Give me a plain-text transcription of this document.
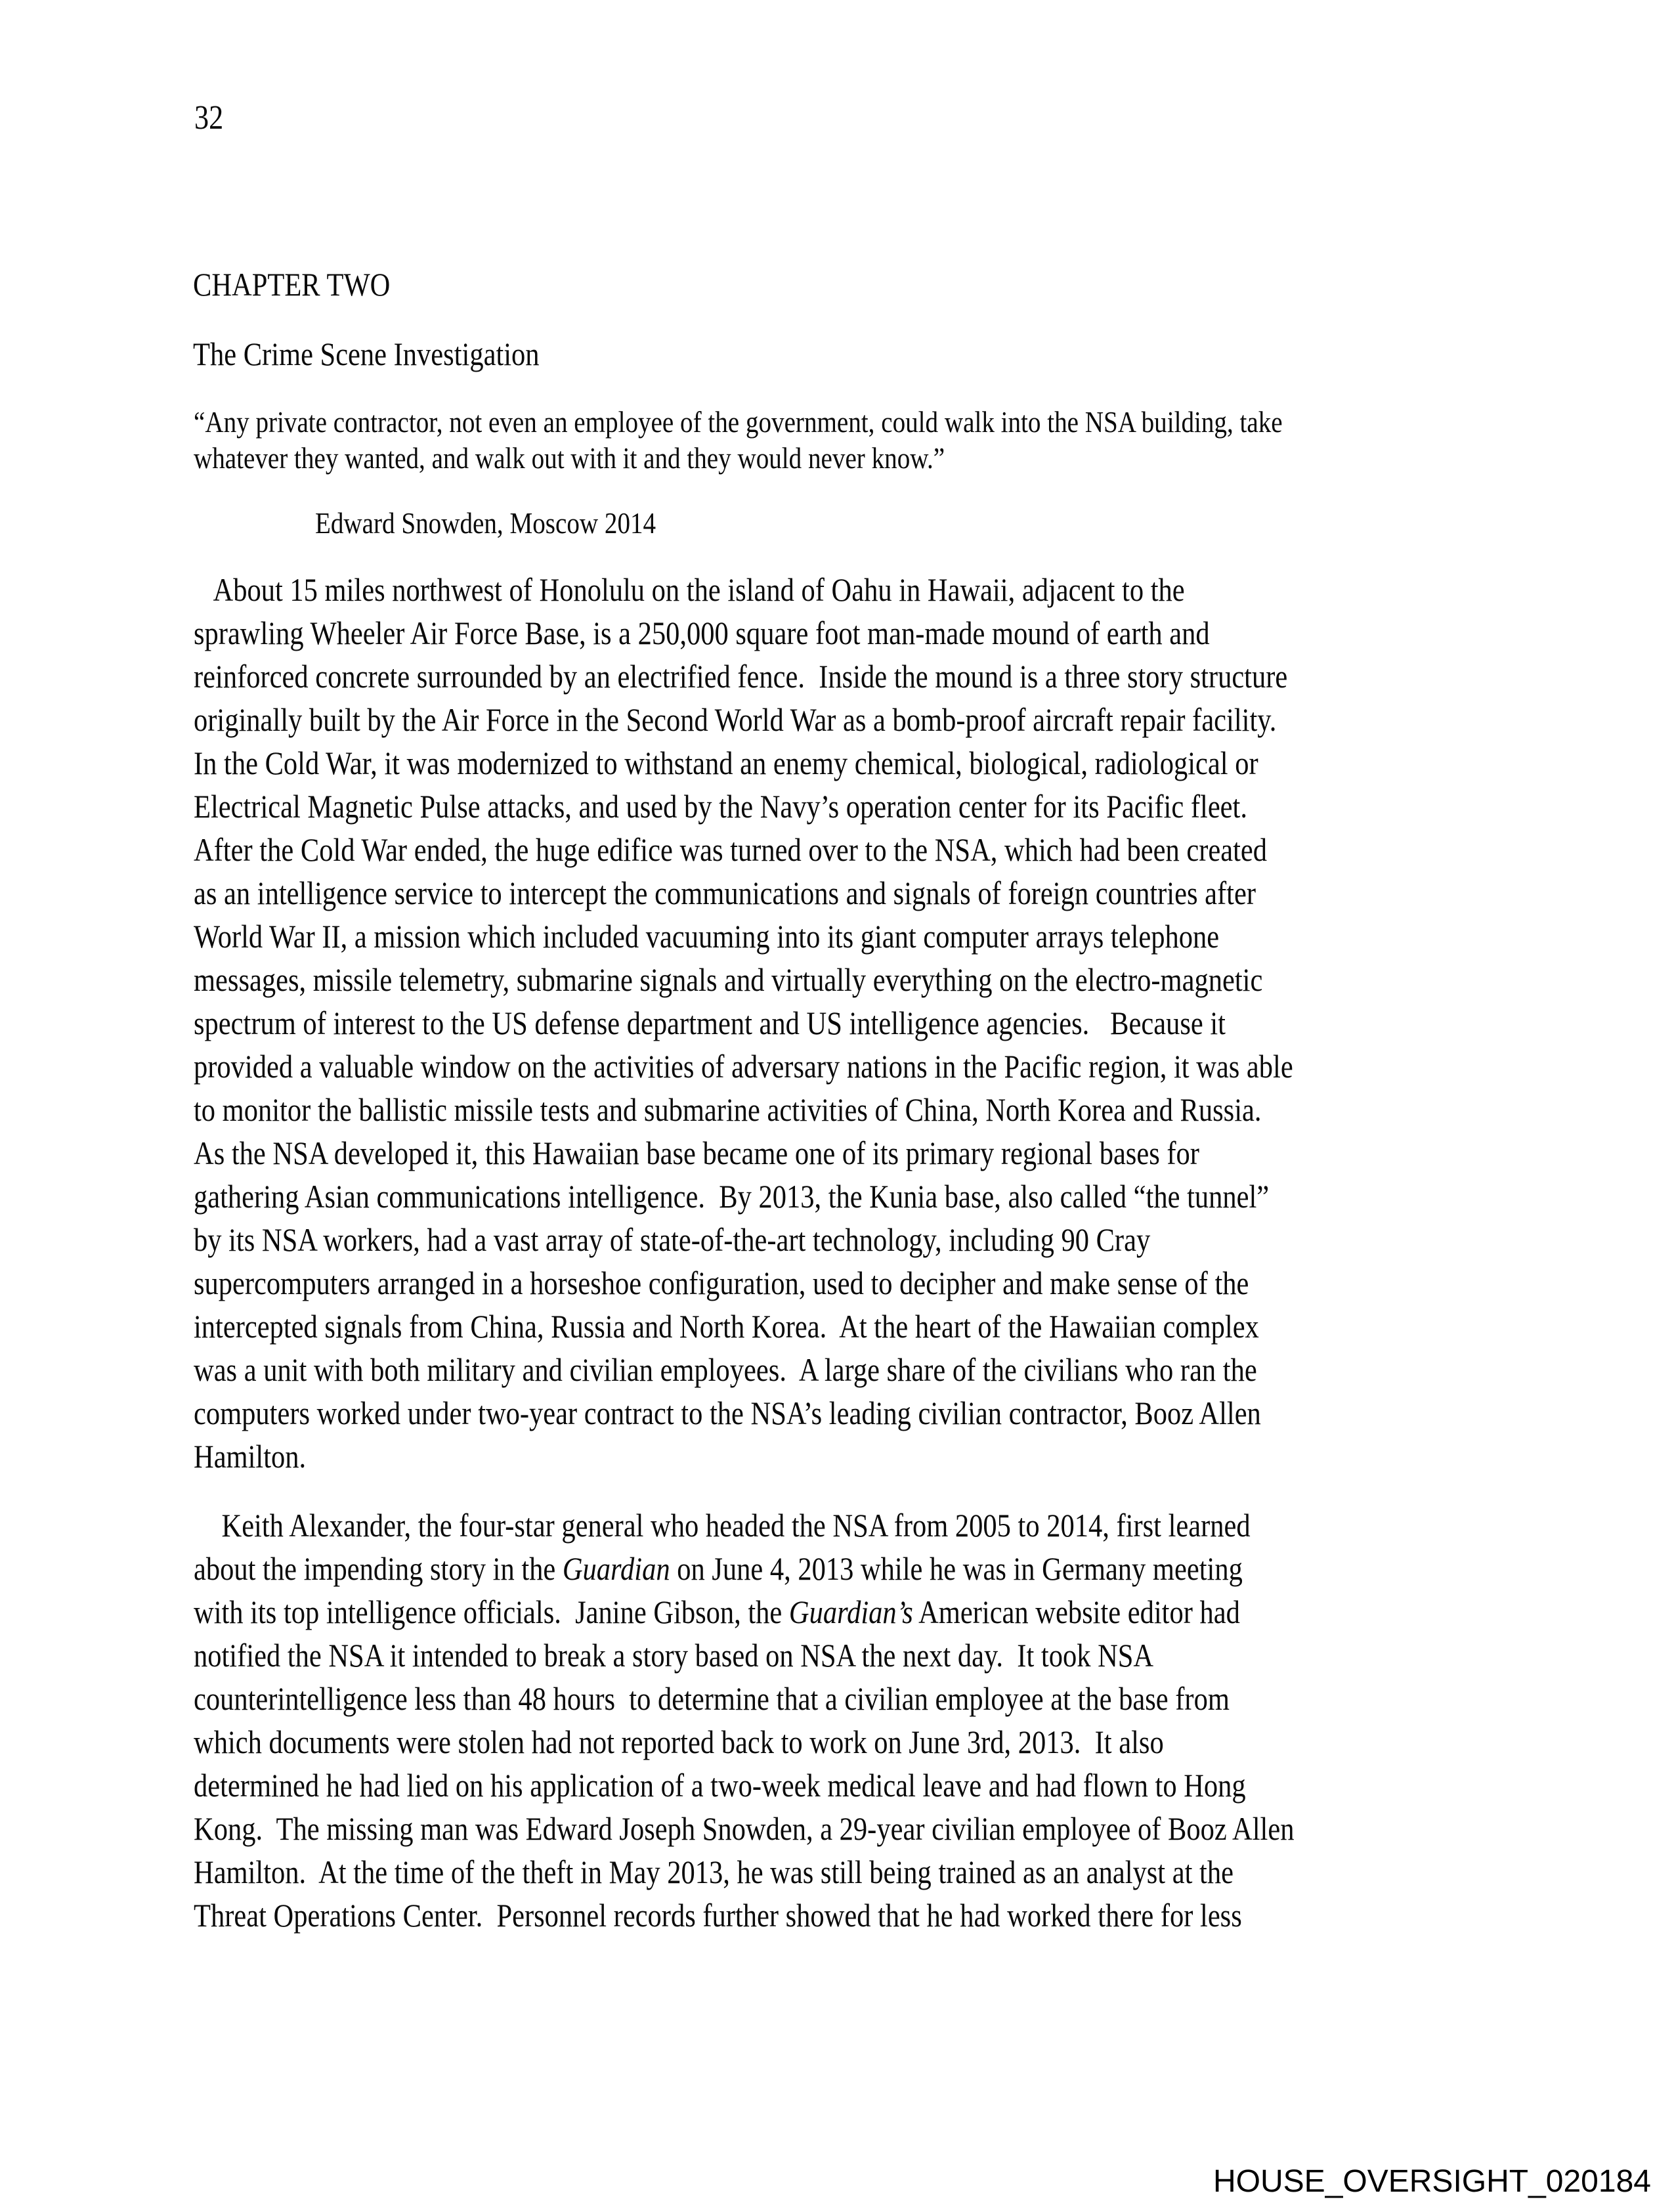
32
CHAPTER TWO
The Crime Scene Investigation
“Any private contractor, not even an employee of the government, could walk into the NSA building, take
whatever they wanted, and walk out with it and they would never know.”
Edward Snowden, Moscow 2014
About 15 miles northwest of Honolulu on the island of Oahu in Hawaii, adjacent to the
sprawling Wheeler Air Force Base, is a 250,000 square foot man-made mound of earth and
reinforced concrete surrounded by an electrified fence.  Inside the mound is a three story structure
originally built by the Air Force in the Second World War as a bomb-proof aircraft repair facility.
In the Cold War, it was modernized to withstand an enemy chemical, biological, radiological or
Electrical Magnetic Pulse attacks, and used by the Navy’s operation center for its Pacific fleet.
After the Cold War ended, the huge edifice was turned over to the NSA, which had been created
as an intelligence service to intercept the communications and signals of foreign countries after
World War II, a mission which included vacuuming into its giant computer arrays telephone
messages, missile telemetry, submarine signals and virtually everything on the electro-magnetic
spectrum of interest to the US defense department and US intelligence agencies.   Because it
provided a valuable window on the activities of adversary nations in the Pacific region, it was able
to monitor the ballistic missile tests and submarine activities of China, North Korea and Russia.
As the NSA developed it, this Hawaiian base became one of its primary regional bases for
gathering Asian communications intelligence.  By 2013, the Kunia base, also called “the tunnel”
by its NSA workers, had a vast array of state-of-the-art technology, including 90 Cray
supercomputers arranged in a horseshoe configuration, used to decipher and make sense of the
intercepted signals from China, Russia and North Korea.  At the heart of the Hawaiian complex
was a unit with both military and civilian employees.  A large share of the civilians who ran the
computers worked under two-year contract to the NSA’s leading civilian contractor, Booz Allen
Hamilton.
Keith Alexander, the four-star general who headed the NSA from 2005 to 2014, first learned
about the impending story in the Guardian on June 4, 2013 while he was in Germany meeting
with its top intelligence officials.  Janine Gibson, the Guardian’s American website editor had
notified the NSA it intended to break a story based on NSA the next day.  It took NSA
counterintelligence less than 48 hours  to determine that a civilian employee at the base from
which documents were stolen had not reported back to work on June 3rd, 2013.  It also
determined he had lied on his application of a two-week medical leave and had flown to Hong
Kong.  The missing man was Edward Joseph Snowden, a 29-year civilian employee of Booz Allen
Hamilton.  At the time of the theft in May 2013, he was still being trained as an analyst at the
Threat Operations Center.  Personnel records further showed that he had worked there for less
HOUSE_OVERSIGHT_020184
